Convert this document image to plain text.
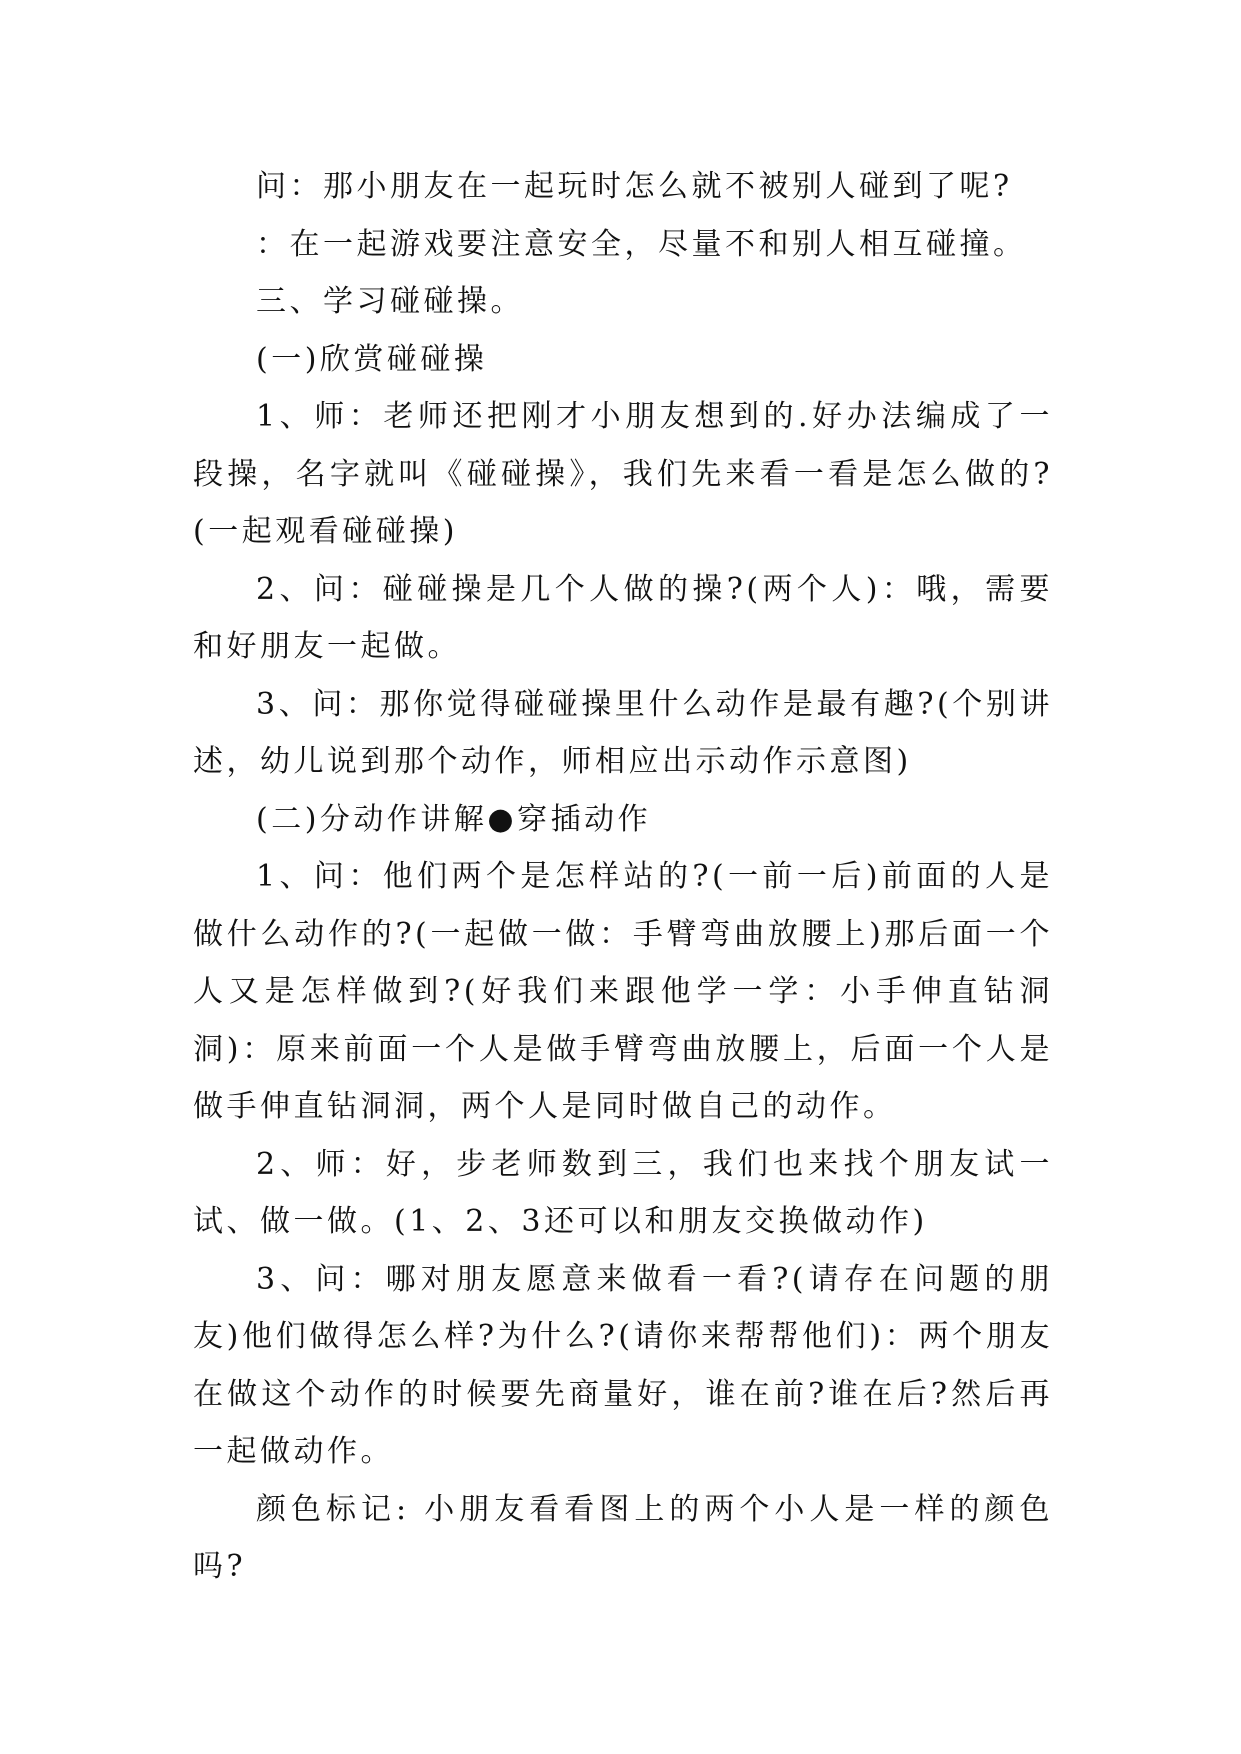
问：那小朋友在一起玩时怎么就不被别人碰到了呢?

：在一起游戏要注意安全，尽量不和别人相互碰撞。

三、学习碰碰操。

(一)欣赏碰碰操

1、师：老师还把刚才小朋友想到的.好办法编成了一段操，名字就叫《碰碰操》，我们先来看一看是怎么做的?(一起观看碰碰操)

2、问：碰碰操是几个人做的操?(两个人)：哦，需要和好朋友一起做。

3、问：那你觉得碰碰操里什么动作是最有趣?(个别讲述，幼儿说到那个动作，师相应出示动作示意图)

(二)分动作讲解●穿插动作

1、问：他们两个是怎样站的?(一前一后)前面的人是做什么动作的?(一起做一做：手臂弯曲放腰上)那后面一个人又是怎样做到?(好我们来跟他学一学：小手伸直钻洞洞)：原来前面一个人是做手臂弯曲放腰上，后面一个人是做手伸直钻洞洞，两个人是同时做自己的动作。

2、师：好，步老师数到三，我们也来找个朋友试一试、做一做。(1、2、3还可以和朋友交换做动作)

3、问：哪对朋友愿意来做看一看?(请存在问题的朋友)他们做得怎么样?为什么?(请你来帮帮他们)：两个朋友在做这个动作的时候要先商量好，谁在前?谁在后?然后再一起做动作。

颜色标记: 小朋友看看图上的两个小人是一样的颜色吗?
